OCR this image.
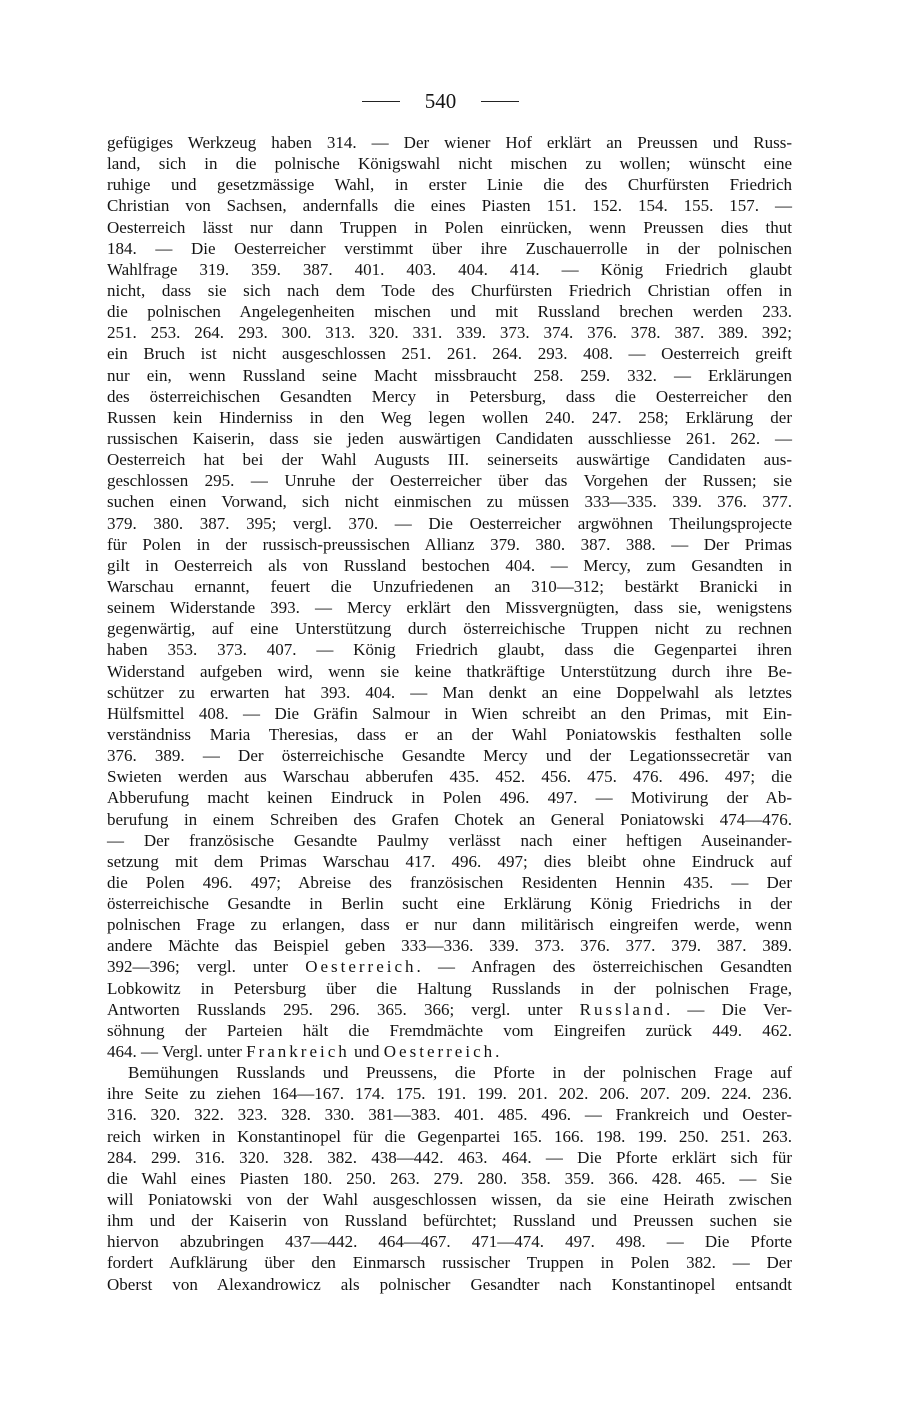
540
gefügiges Werkzeug haben 314. — Der wiener Hof erklärt an Preussen und Russ-
land, sich in die polnische Königswahl nicht mischen zu wollen; wünscht eine
ruhige und gesetzmässige Wahl, in erster Linie die des Churfürsten Friedrich
Christian von Sachsen, andernfalls die eines Piasten 151. 152. 154. 155. 157. —
Oesterreich lässt nur dann Truppen in Polen einrücken, wenn Preussen dies thut
184. — Die Oesterreicher verstimmt über ihre Zuschauerrolle in der polnischen
Wahlfrage 319. 359. 387. 401. 403. 404. 414. — König Friedrich glaubt
nicht, dass sie sich nach dem Tode des Churfürsten Friedrich Christian offen in
die polnischen Angelegenheiten mischen und mit Russland brechen werden 233.
251. 253. 264. 293. 300. 313. 320. 331. 339. 373. 374. 376. 378. 387. 389. 392;
ein Bruch ist nicht ausgeschlossen 251. 261. 264. 293. 408. — Oesterreich greift
nur ein, wenn Russland seine Macht missbraucht 258. 259. 332. — Erklärungen
des österreichischen Gesandten Mercy in Petersburg, dass die Oesterreicher den
Russen kein Hinderniss in den Weg legen wollen 240. 247. 258; Erklärung der
russischen Kaiserin, dass sie jeden auswärtigen Candidaten ausschliesse 261. 262. —
Oesterreich hat bei der Wahl Augusts III. seinerseits auswärtige Candidaten aus-
geschlossen 295. — Unruhe der Oesterreicher über das Vorgehen der Russen; sie
suchen einen Vorwand, sich nicht einmischen zu müssen 333—335. 339. 376. 377.
379. 380. 387. 395; vergl. 370. — Die Oesterreicher argwöhnen Theilungsprojecte
für Polen in der russisch-preussischen Allianz 379. 380. 387. 388. — Der Primas
gilt in Oesterreich als von Russland bestochen 404. — Mercy, zum Gesandten in
Warschau ernannt, feuert die Unzufriedenen an 310—312; bestärkt Branicki in
seinem Widerstande 393. — Mercy erklärt den Missvergnügten, dass sie, wenigstens
gegenwärtig, auf eine Unterstützung durch österreichische Truppen nicht zu rechnen
haben 353. 373. 407. — König Friedrich glaubt, dass die Gegenpartei ihren
Widerstand aufgeben wird, wenn sie keine thatkräftige Unterstützung durch ihre Be-
schützer zu erwarten hat 393. 404. — Man denkt an eine Doppelwahl als letztes
Hülfsmittel 408. — Die Gräfin Salmour in Wien schreibt an den Primas, mit Ein-
verständniss Maria Theresias, dass er an der Wahl Poniatowskis festhalten solle
376. 389. — Der österreichische Gesandte Mercy und der Legationssecretär van
Swieten werden aus Warschau abberufen 435. 452. 456. 475. 476. 496. 497; die
Abberufung macht keinen Eindruck in Polen 496. 497. — Motivirung der Ab-
berufung in einem Schreiben des Grafen Chotek an General Poniatowski 474—476.
— Der französische Gesandte Paulmy verlässt nach einer heftigen Auseinander-
setzung mit dem Primas Warschau 417. 496. 497; dies bleibt ohne Eindruck auf
die Polen 496. 497; Abreise des französischen Residenten Hennin 435. — Der
österreichische Gesandte in Berlin sucht eine Erklärung König Friedrichs in der
polnischen Frage zu erlangen, dass er nur dann militärisch eingreifen werde, wenn
andere Mächte das Beispiel geben 333—336. 339. 373. 376. 377. 379. 387. 389.
392—396; vergl. unter Oesterreich. — Anfragen des österreichischen Gesandten
Lobkowitz in Petersburg über die Haltung Russlands in der polnischen Frage,
Antworten Russlands 295. 296. 365. 366; vergl. unter Russland. — Die Ver-
söhnung der Parteien hält die Fremdmächte vom Eingreifen zurück 449. 462.
464. — Vergl. unter Frankreich und Oesterreich.
Bemühungen Russlands und Preussens, die Pforte in der polnischen Frage auf
ihre Seite zu ziehen 164—167. 174. 175. 191. 199. 201. 202. 206. 207. 209. 224. 236.
316. 320. 322. 323. 328. 330. 381—383. 401. 485. 496. — Frankreich und Oester-
reich wirken in Konstantinopel für die Gegenpartei 165. 166. 198. 199. 250. 251. 263.
284. 299. 316. 320. 328. 382. 438—442. 463. 464. — Die Pforte erklärt sich für
die Wahl eines Piasten 180. 250. 263. 279. 280. 358. 359. 366. 428. 465. — Sie
will Poniatowski von der Wahl ausgeschlossen wissen, da sie eine Heirath zwischen
ihm und der Kaiserin von Russland befürchtet; Russland und Preussen suchen sie
hiervon abzubringen 437—442. 464—467. 471—474. 497. 498. — Die Pforte
fordert Aufklärung über den Einmarsch russischer Truppen in Polen 382. — Der
Oberst von Alexandrowicz als polnischer Gesandter nach Konstantinopel entsandt
